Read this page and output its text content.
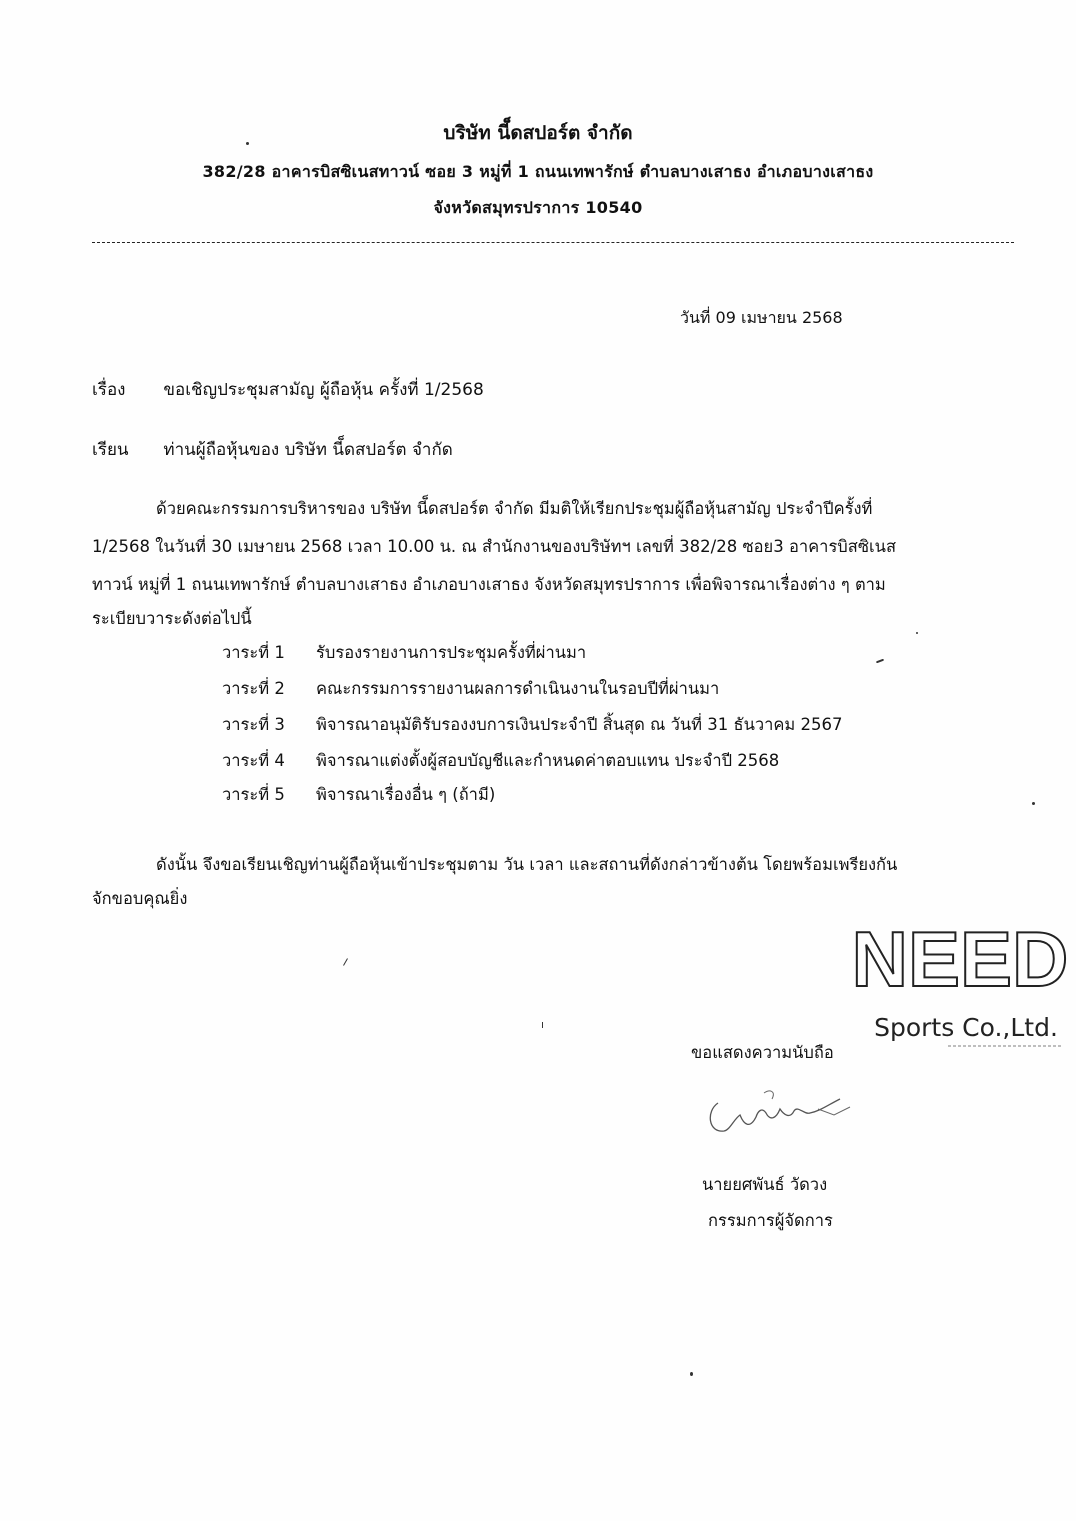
บริษัท นี็ดสปอร์ต จำกัด
382/28 อาคารบิสซิเนสทาวน์ ซอย 3 หมู่ที่ 1 ถนนเทพารักษ์ ตำบลบางเสาธง อำเภอบางเสาธง
จังหวัดสมุทรปราการ 10540
วันที่ 09 เมษายน 2568
เรื่อง ขอเชิญประชุมสามัญ ผู้ถือหุ้น ครั้งที่ 1/2568
เรียน ท่านผู้ถือหุ้นของ บริษัท นี็ดสปอร์ต จำกัด
ด้วยคณะกรรมการบริหารของ บริษัท นี็ดสปอร์ต จำกัด มีมติให้เรียกประชุมผู้ถือหุ้นสามัญ ประจำปีครั้งที่
1/2568 ในวันที่ 30 เมษายน 2568 เวลา 10.00 น. ณ สำนักงานของบริษัทฯ เลขที่ 382/28 ซอย3 อาคารบิสซิเนส
ทาวน์ หมู่ที่ 1 ถนนเทพารักษ์ ตำบลบางเสาธง อำเภอบางเสาธง จังหวัดสมุทรปราการ เพื่อพิจารณาเรื่องต่าง ๆ ตาม
ระเบียบวาระดังต่อไปนี้
วาระที่ 1 รับรองรายงานการประชุมครั้งที่ผ่านมา
วาระที่ 2 คณะกรรมการรายงานผลการดำเนินงานในรอบปีที่ผ่านมา
วาระที่ 3 พิจารณาอนุมัติรับรองงบการเงินประจำปี สิ้นสุด ณ วันที่ 31 ธันวาคม 2567
วาระที่ 4 พิจารณาแต่งตั้งผู้สอบบัญชีและกำหนดค่าตอบแทน ประจำปี 2568
วาระที่ 5 พิจารณาเรื่องอื่น ๆ (ถ้ามี)
ดังนั้น จึงขอเรียนเชิญท่านผู้ถือหุ้นเข้าประชุมตาม วัน เวลา และสถานที่ดังกล่าวข้างต้น โดยพร้อมเพรียงกัน
จักขอบคุณยิ่ง
NEED
Sports Co.,Ltd.
ขอแสดงความนับถือ
นายยศพันธ์ วัดวง
กรรมการผู้จัดการ
